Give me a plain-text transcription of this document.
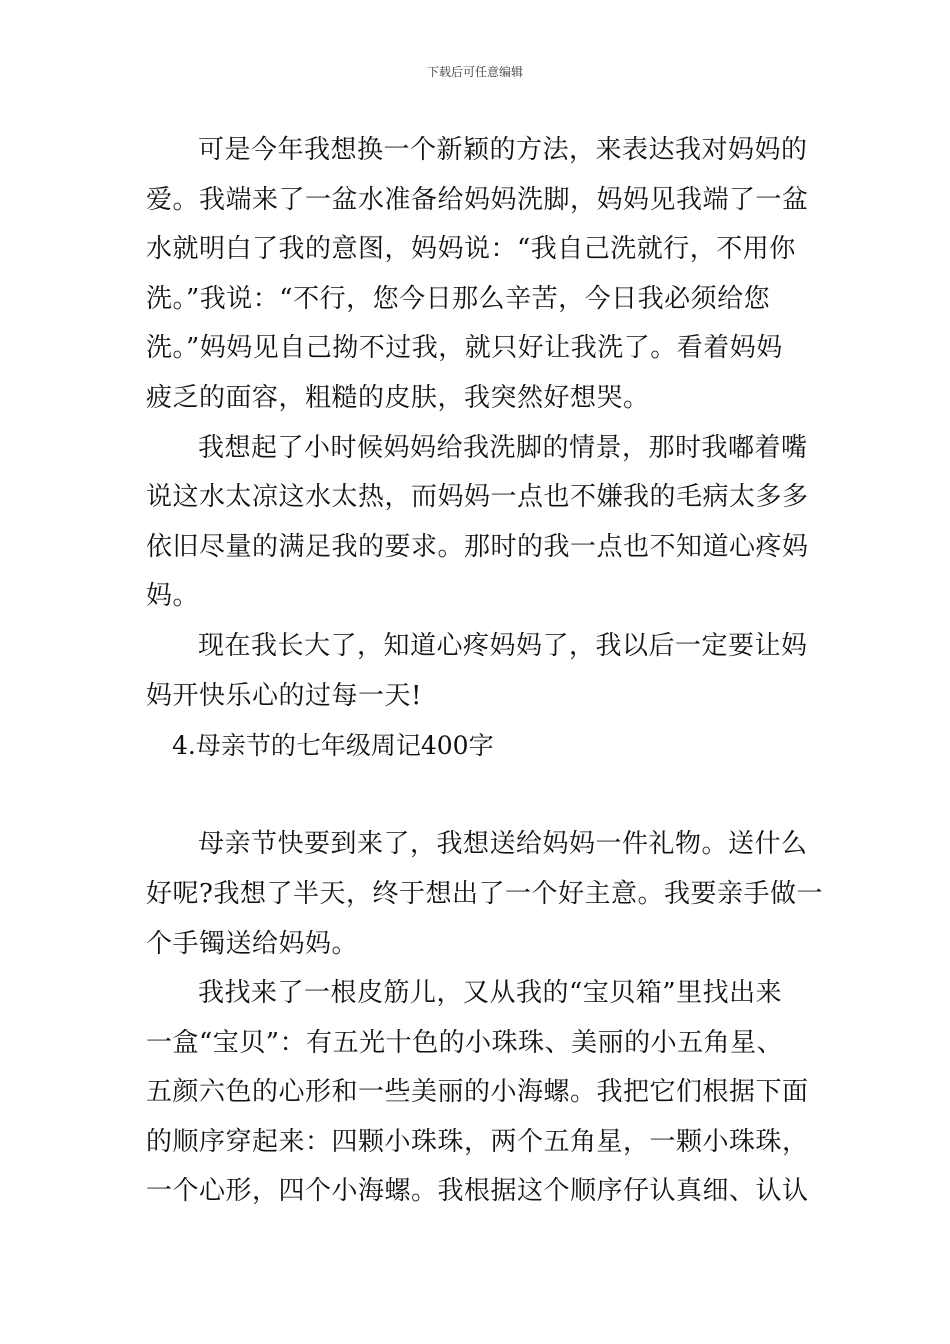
下载后可任意编辑
可是今年我想换一个新颖的方法，来表达我对妈妈的
爱。我端来了一盆水准备给妈妈洗脚，妈妈见我端了一盆
水就明白了我的意图，妈妈说：“我自己洗就行，不用你
洗。”我说：“不行，您今日那么辛苦，今日我必须给您
洗。”妈妈见自己拗不过我，就只好让我洗了。看着妈妈
疲乏的面容，粗糙的皮肤，我突然好想哭。
我想起了小时候妈妈给我洗脚的情景，那时我嘟着嘴
说这水太凉这水太热，而妈妈一点也不嫌我的毛病太多多
依旧尽量的满足我的要求。那时的我一点也不知道心疼妈
妈。
现在我长大了，知道心疼妈妈了，我以后一定要让妈
妈开快乐心的过每一天!
4.母亲节的七年级周记400字
母亲节快要到来了，我想送给妈妈一件礼物。送什么
好呢?我想了半天，终于想出了一个好主意。我要亲手做一
个手镯送给妈妈。
我找来了一根皮筋儿，又从我的“宝贝箱”里找出来
一盒“宝贝”：有五光十色的小珠珠、美丽的小五角星、
五颜六色的心形和一些美丽的小海螺。我把它们根据下面
的顺序穿起来：四颗小珠珠，两个五角星，一颗小珠珠，
一个心形，四个小海螺。我根据这个顺序仔认真细、认认
